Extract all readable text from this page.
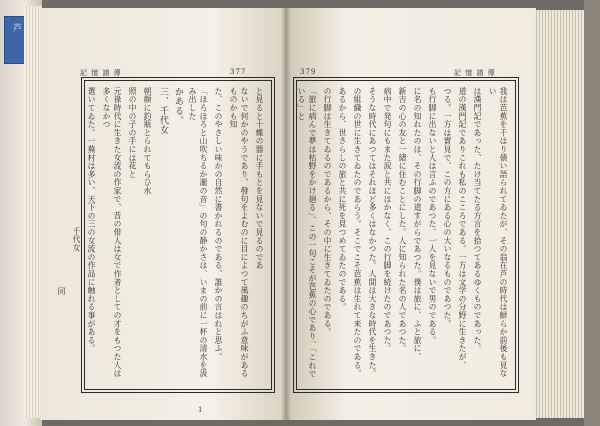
芦
記 憶 譜 傳	377
と見ると十蝶の器に手もとを見ないで見るのであ
ないで何かのやうであり、發句をよむのに目によつて風趣のちがふ意味があるものかも知
た、このやさしい味かの自然に書かれるのである、誰かの言はれと思ふ。
「ほろほろと山吹ちるか瀧の音」の句の静かさは、いまの前に一杯の清水を汲み出した
かある。
三、千代女
朝顔に釣瓶とられてもらひ水
照の中の子の手には花と
元祿時代に生きた女流の作家で、昔の俳人は女で作者としての才をもつた人は多くなかつ
選いてゐた。一蕪村は多い、天下の三の女流の作品に触れる事がある。
千代女
同
1
379	記 憶 譜 傳
我は芭蕉を千はり債い語られてゐたが、その翁在芦の時代は鮮らか前後も見ない
は漢門記であった、たけ当てたる方言を拾つてあるゆくものであった。
道の漢門記でありこれも私のこころである。一方は文学の分野に生きたが、
つる。一方は實見で、この方にある心の大いなるものであつた。
も行脚に出ないと人は言ふのであつた、一人を見ないで男のである。
に名の知れたのは、その行脚の道すがらであつた。僕は旅に、ふと旅に、
新吉の心の友と一緒に住むことにした。人に知られた名の人であつた。
病中で発句にもまた涙と共にはかなく、この行脚を続けたのであつた。
そうな時代にあつてはそれほど多くはなかつた。人間は大きな時代を生きた。
の組織の世に生きてゐたのであらう。そこでこそ芭蕉は生れて来たのである。
あるから、世さらしの旅と共に死を見つめてゐたのである。
の行脚は生きてゐるのであるから、その中に生きてゐたのである。
「旅に病んで夢は枯野をかけ廻る」、この一句こそが芭蕉の心であり、「これでいる」と
